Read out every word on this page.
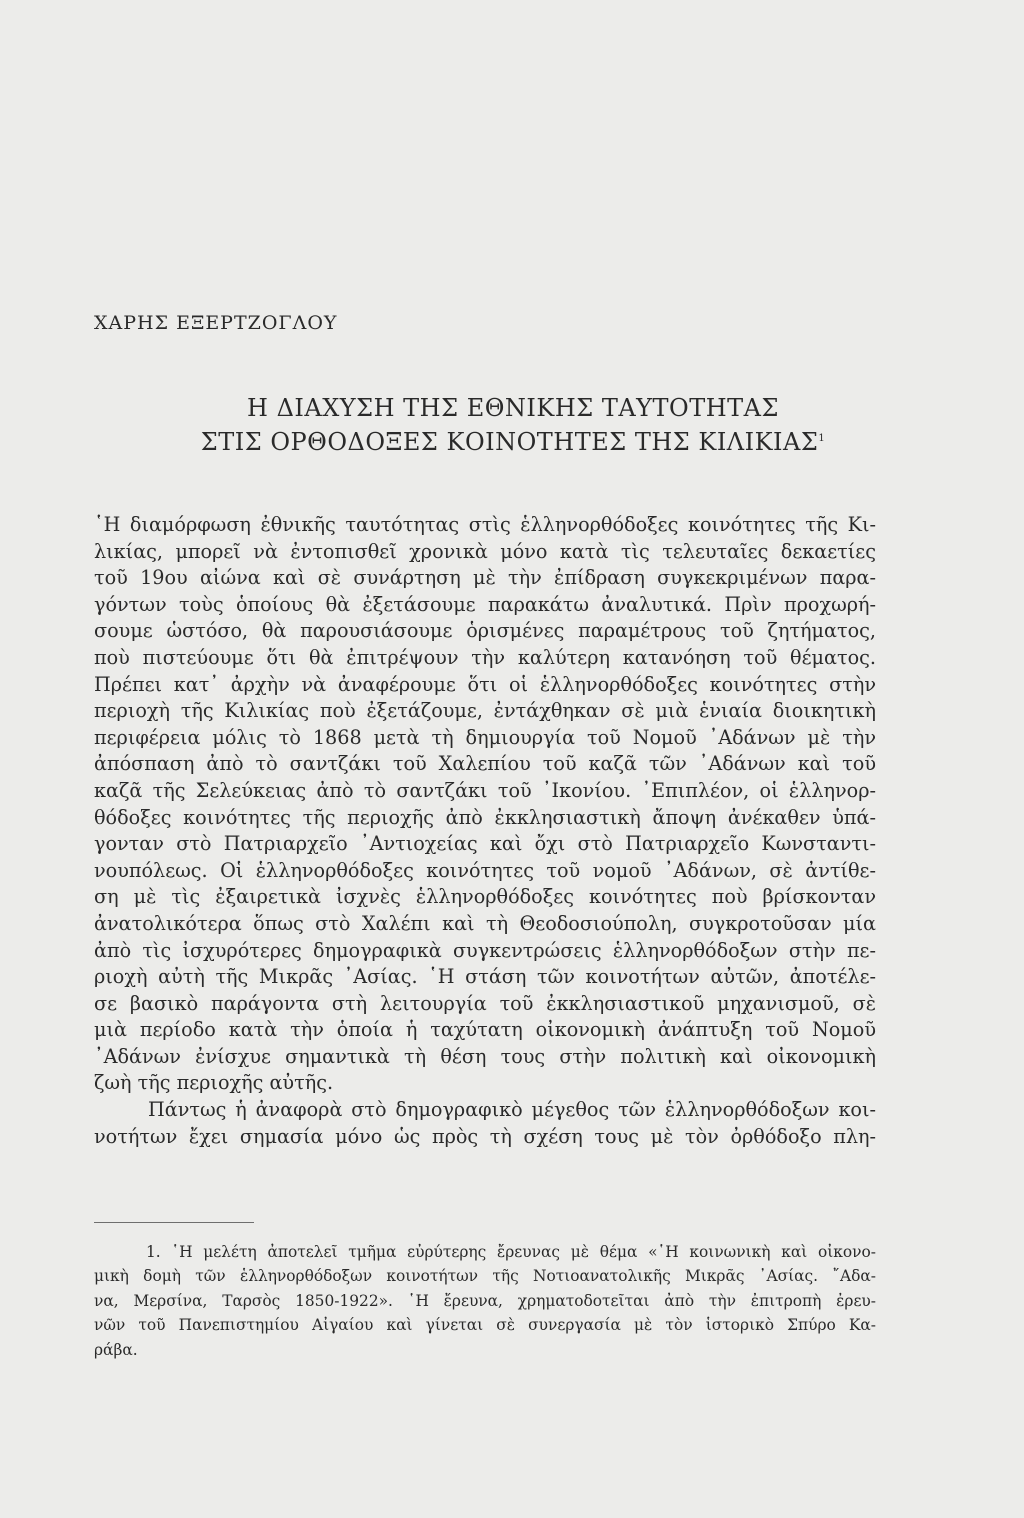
ΧΑΡΗΣ ΕΞΕΡΤΖΟΓΛΟΥ
Η ΔΙΑΧΥΣΗ ΤΗΣ ΕΘΝΙΚΗΣ ΤΑΥΤΟΤΗΤΑΣ
ΣΤΙΣ ΟΡΘΟΔΟΞΕΣ ΚΟΙΝΟΤΗΤΕΣ ΤΗΣ ΚΙΛΙΚΙΑΣ$^1$
῾Η διαμόρφωση ἐθνικῆς ταυτότητας στὶς ἑλληνορθόδοξες κοινότητες τῆς Κι-
λικίας, μπορεῖ νὰ ἐντοπισθεῖ χρονικὰ μόνο κατὰ τὶς τελευταῖες δεκαετίες
τοῦ 19ου αἰώνα καὶ σὲ συνάρτηση μὲ τὴν ἐπίδραση συγκεκριμένων παρα-
γόντων τοὺς ὁποίους θὰ ἐξετάσουμε παρακάτω ἀναλυτικά. Πρὶν προχωρή-
σουμε ὡστόσο, θὰ παρουσιάσουμε ὁρισμένες παραμέτρους τοῦ ζητήματος,
ποὺ πιστεύουμε ὅτι θὰ ἐπιτρέψουν τὴν καλύτερη κατανόηση τοῦ θέματος.
Πρέπει κατ᾽ ἀρχὴν νὰ ἀναφέρουμε ὅτι οἱ ἑλληνορθόδοξες κοινότητες στὴν
περιοχὴ τῆς Κιλικίας ποὺ ἐξετάζουμε, ἐντάχθηκαν σὲ μιὰ ἑνιαία διοικητικὴ
περιφέρεια μόλις τὸ 1868 μετὰ τὴ δημιουργία τοῦ Νομοῦ ᾽Αδάνων μὲ τὴν
ἀπόσπαση ἀπὸ τὸ σαντζάκι τοῦ Χαλεπίου τοῦ καζᾶ τῶν ᾽Αδάνων καὶ τοῦ
καζᾶ τῆς Σελεύκειας ἀπὸ τὸ σαντζάκι τοῦ ᾽Ικονίου. ᾽Επιπλέον, οἱ ἑλληνορ-
θόδοξες κοινότητες τῆς περιοχῆς ἀπὸ ἐκκλησιαστικὴ ἄποψη ἀνέκαθεν ὑπά-
γονταν στὸ Πατριαρχεῖο ᾽Αντιοχείας καὶ ὄχι στὸ Πατριαρχεῖο Κωνσταντι-
νουπόλεως. Οἱ ἑλληνορθόδοξες κοινότητες τοῦ νομοῦ ᾽Αδάνων, σὲ ἀντίθε-
ση μὲ τὶς ἐξαιρετικὰ ἰσχνὲς ἑλληνορθόδοξες κοινότητες ποὺ βρίσκονταν
ἀνατολικότερα ὅπως στὸ Χαλέπι καὶ τὴ Θεοδοσιούπολη, συγκροτοῦσαν μία
ἀπὸ τὶς ἰσχυρότερες δημογραφικὰ συγκεντρώσεις ἑλληνορθόδοξων στὴν πε-
ριοχὴ αὐτὴ τῆς Μικρᾶς ᾽Ασίας. ῾Η στάση τῶν κοινοτήτων αὐτῶν, ἀποτέλε-
σε βασικὸ παράγοντα στὴ λειτουργία τοῦ ἐκκλησιαστικοῦ μηχανισμοῦ, σὲ
μιὰ περίοδο κατὰ τὴν ὁποία ἡ ταχύτατη οἰκονομικὴ ἀνάπτυξη τοῦ Νομοῦ
᾽Αδάνων ἐνίσχυε σημαντικὰ τὴ θέση τους στὴν πολιτικὴ καὶ οἰκονομικὴ
ζωὴ τῆς περιοχῆς αὐτῆς.
Πάντως ἡ ἀναφορὰ στὸ δημογραφικὸ μέγεθος τῶν ἑλληνορθόδοξων κοι-
νοτήτων ἔχει σημασία μόνο ὡς πρὸς τὴ σχέση τους μὲ τὸν ὀρθόδοξο πλη-
1. ῾Η μελέτη ἀποτελεῖ τμῆμα εὐρύτερης ἔρευνας μὲ θέμα «῾Η κοινωνικὴ καὶ οἰκονο-
μικὴ δομὴ τῶν ἑλληνορθόδοξων κοινοτήτων τῆς Νοτιοανατολικῆς Μικρᾶς ᾽Ασίας. ῎Αδα-
να, Μερσίνα, Ταρσὸς 1850-1922». ῾Η ἔρευνα, χρηματοδοτεῖται ἀπὸ τὴν ἐπιτροπὴ ἐρευ-
νῶν τοῦ Πανεπιστημίου Αἰγαίου καὶ γίνεται σὲ συνεργασία μὲ τὸν ἱστορικὸ Σπύρο Κα-
ράβα.
